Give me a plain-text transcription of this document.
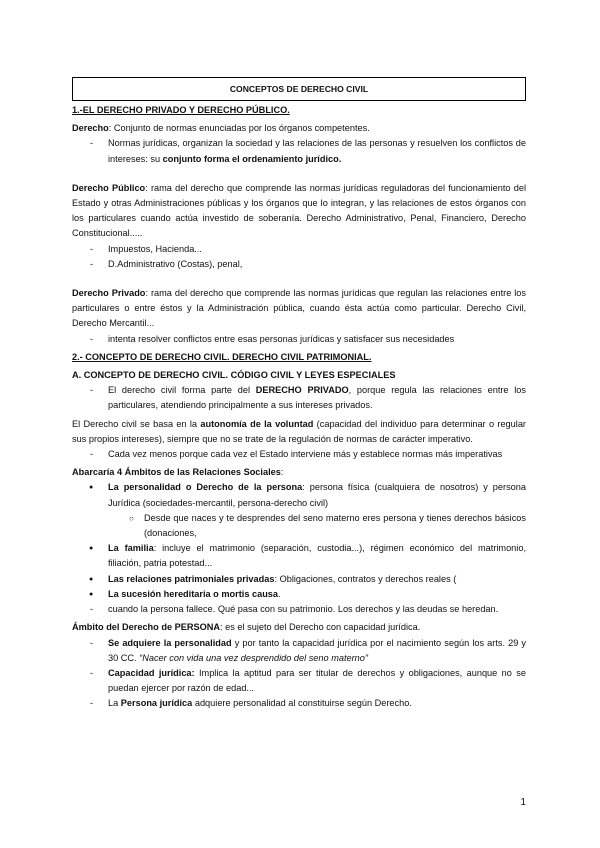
CONCEPTOS DE DERECHO CIVIL

1.-EL DERECHO PRIVADO Y DERECHO PÚBLICO.

Derecho: Conjunto de normas enunciadas por los órganos competentes.

- Normas jurídicas, organizan la sociedad y las relaciones de las personas y resuelven los conflictos de intereses: su conjunto forma el ordenamiento jurídico.

Derecho Público: rama del derecho que comprende las normas jurídicas reguladoras del funcionamiento del Estado y otras Administraciones públicas y los órganos que lo integran, y las relaciones de estos órganos con los particulares cuando actúa investido de soberanía. Derecho Administrativo, Penal, Financiero, Derecho Constitucional.....

- Impuestos, Hacienda...
- D.Administrativo (Costas), penal,

Derecho Privado: rama del derecho que comprende las normas jurídicas que regulan las relaciones entre los particulares o entre éstos y la Administración pública, cuando ésta actúa como particular. Derecho Civil, Derecho Mercantil...

- intenta resolver conflictos entre esas personas jurídicas y satisfacer sus necesidades

2.- CONCEPTO DE DERECHO CIVIL. DERECHO CIVIL PATRIMONIAL.

A. CONCEPTO DE DERECHO CIVIL. CÓDIGO CIVIL Y LEYES ESPECIALES

- El derecho civil forma parte del DERECHO PRIVADO, porque regula las relaciones entre los particulares, atendiendo principalmente a sus intereses privados.

El Derecho civil se basa en la autonomía de la voluntad (capacidad del individuo para determinar o regular sus propios intereses), siempre que no se trate de la regulación de normas de carácter imperativo.

- Cada vez menos porque cada vez el Estado interviene más y establece normas más imperativas

Abarcaría 4 Ámbitos de las Relaciones Sociales:

● La personalidad o Derecho de la persona: persona física (cualquiera de nosotros) y persona Jurídica (sociedades-mercantil, persona-derecho civil)
○ Desde que naces y te desprendes del seno materno eres persona y tienes derechos básicos (donaciones,
● La familia: incluye el matrimonio (separación, custodia...), régimen económico del matrimonio, filiación, patria potestad...
● Las relaciones patrimoniales privadas: Obligaciones, contratos y derechos reales (
● La sucesión hereditaria o mortis causa.
- cuando la persona fallece. Qué pasa con su patrimonio. Los derechos y las deudas se heredan.

Ámbito del Derecho de PERSONA: es el sujeto del Derecho con capacidad jurídica.

- Se adquiere la personalidad y por tanto la capacidad jurídica por el nacimiento según los arts. 29 y 30 CC. “Nacer con vida una vez desprendido del seno materno”
- Capacidad jurídica: Implica la aptitud para ser titular de derechos y obligaciones, aunque no se puedan ejercer por razón de edad...
- La Persona jurídica adquiere personalidad al constituirse según Derecho.
1
